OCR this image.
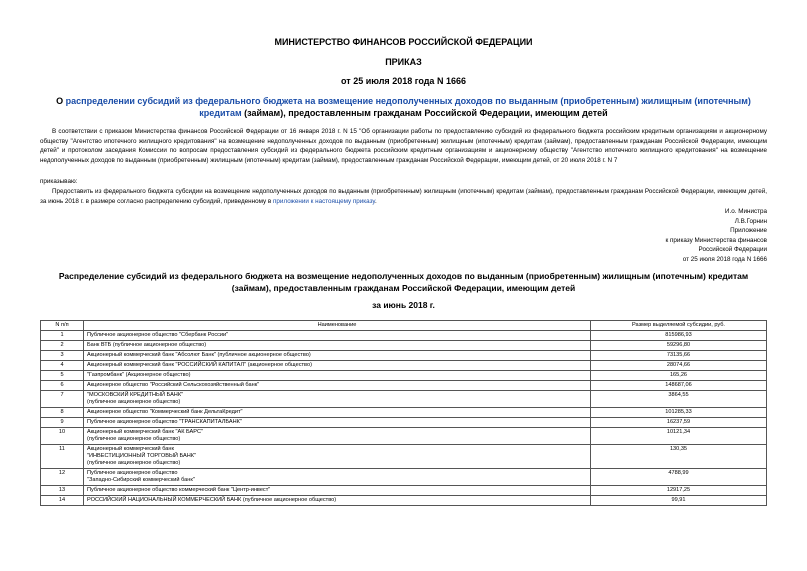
МИНИСТЕРСТВО ФИНАНСОВ РОССИЙСКОЙ ФЕДЕРАЦИИ
ПРИКАЗ
от 25 июля 2018 года N 1666
О распределении субсидий из федерального бюджета на возмещение недополученных доходов по выданным (приобретенным) жилищным (ипотечным) кредитам (займам), предоставленным гражданам Российской Федерации, имеющим детей
В соответствии с приказом Министерства финансов Российской Федерации от 16 января 2018 г. N 15 "Об организации работы по предоставлению субсидий из федерального бюджета российским кредитным организациям и акционерному обществу "Агентство ипотечного жилищного кредитования" на возмещение недополученных доходов по выданным (приобретенным) жилищным (ипотечным) кредитам (займам), предоставленным гражданам Российской Федерации, имеющим детей" и протоколом заседания Комиссии по вопросам предоставления субсидий из федерального бюджета российским кредитным организациям и акционерному обществу "Агентство ипотечного жилищного кредитования" на возмещение недополученных доходов по выданным (приобретенным) жилищным (ипотечным) кредитам (займам), предоставленным гражданам Российской Федерации, имеющим детей, от 20 июля 2018 г. N 7
приказываю:
Предоставить из федерального бюджета субсидии на возмещение недополученных доходов по выданным (приобретенным) жилищным (ипотечным) кредитам (займам), предоставленным гражданам Российской Федерации, имеющим детей, за июнь 2018 г. в размере согласно распределению субсидий, приведенному в приложении к настоящему приказу.
И.о. Министра
Л.В.Горнин
Приложение
к приказу Министерства финансов
Российской Федерации
от 25 июля 2018 года N 1666
Распределение субсидий из федерального бюджета на возмещение недополученных доходов по выданным (приобретенным) жилищным (ипотечным) кредитам (займам), предоставленным гражданам Российской Федерации, имеющим детей
за июнь 2018 г.
N п/п	Наименование	Размер выделяемой субсидии, руб.
1	Публичное акционерное общество "Сбербанк России"	815986,93
2	Банк ВТБ (публичное акционерное общество)	59296,80
3	Акционерный коммерческий банк "Абсолют Банк" (публичное акционерное общество)	73135,66
4	Акционерный коммерческий банк "РОССИЙСКИЙ КАПИТАЛ" (акционерное общество)	28074,66
5	"Газпромбанк" (Акционерное общество)	165,26
6	Акционерное общество "Российский Сельскохозяйственный банк"	148687,06
7	"МОСКОВСКИЙ КРЕДИТНЫЙ БАНК"
(публичное акционерное общество)	3864,55
8	Акционерное общество "Коммерческий банк ДельтаКредит"	101285,33
9	Публичное акционерное общество "ТРАНСКАПИТАЛБАНК"	16237,59
10	Акционерный коммерческий банк "АК БАРС"
(публичное акционерное общество)	10121,34
11	Акционерный коммерческий банк
"ИНВЕСТИЦИОННЫЙ ТОРГОВЫЙ БАНК"
(публичное акционерное общество)	130,35
12	Публичное акционерное общество
"Западно-Сибирский коммерческий банк"	4788,99
13	Публичное акционерное общество коммерческий банк "Центр-инвест"	12917,25
14	РОССИЙСКИЙ НАЦИОНАЛЬНЫЙ КОММЕРЧЕСКИЙ БАНК (публичное акционерное общество)	99,91
